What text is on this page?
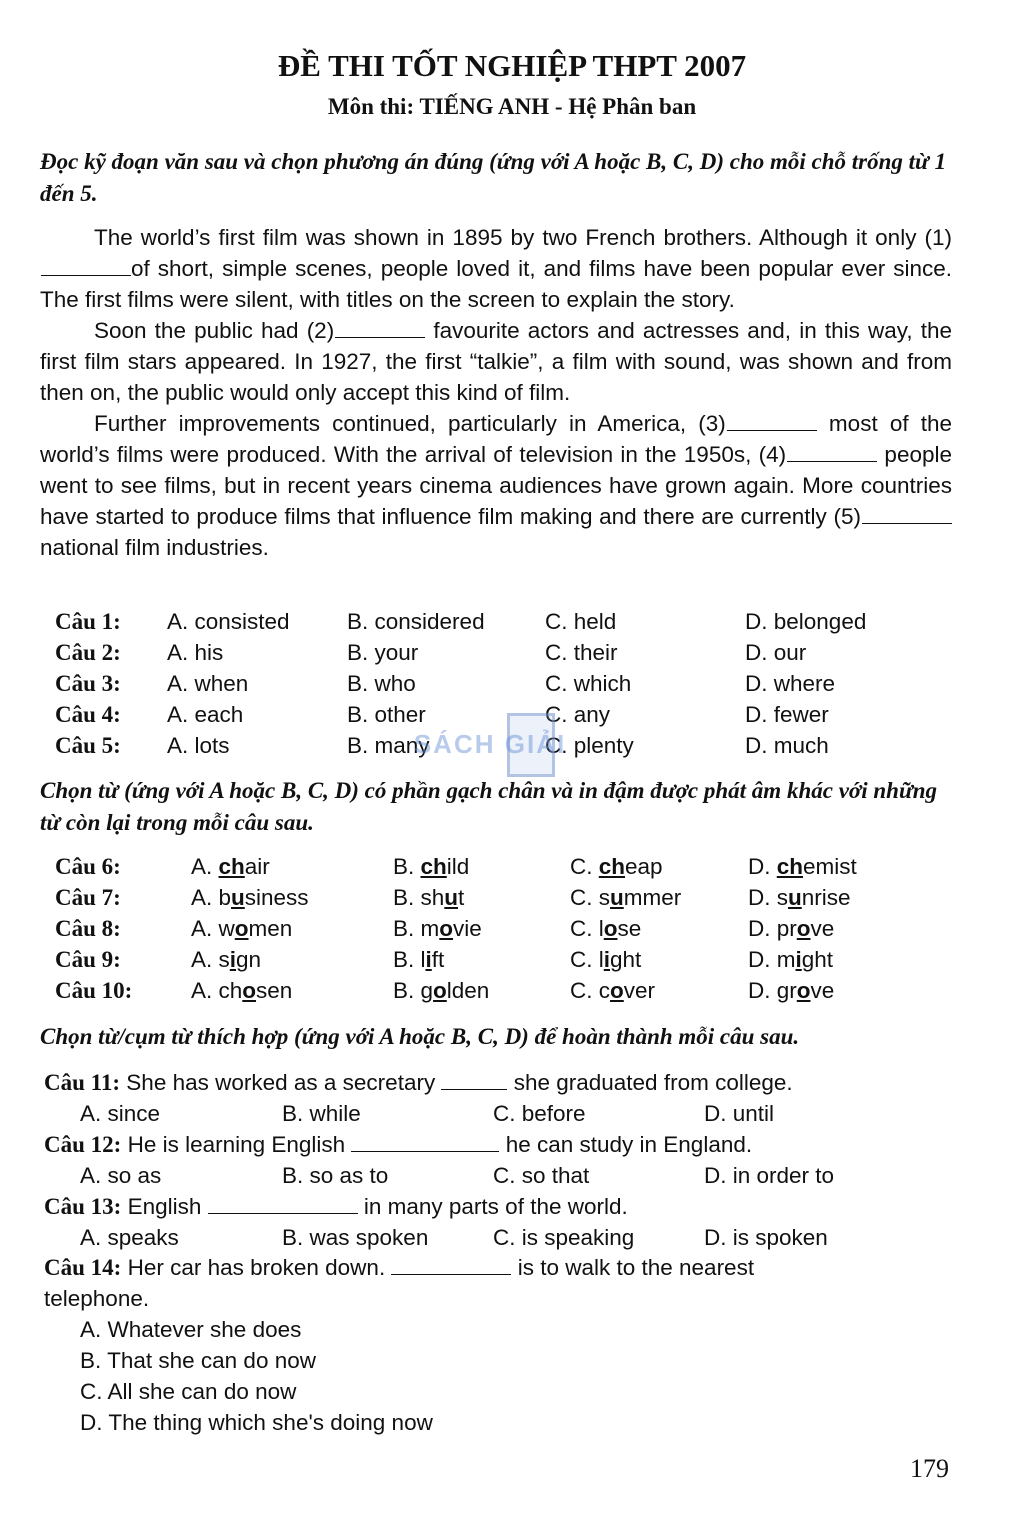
ĐỀ THI TỐT NGHIỆP THPT 2007
Môn thi: TIẾNG ANH - Hệ Phân ban
Đọc kỹ đoạn văn sau và chọn phương án đúng (ứng với A hoặc B, C, D) cho mỗi chỗ trống từ 1 đến 5.

The world’s first film was shown in 1895 by two French brothers. Although it only (1)of short, simple scenes, people loved it, and films have been popular ever since. The first films were silent, with titles on the screen to explain the story.

Soon the public had (2)	favourite actors and actresses and, in this way, the first film stars appeared. In 1927, the first “talkie”, a film with sound, was shown and from then on, the public would only accept this kind of film.

Further improvements continued, particularly in America, (3)	most of the world’s films were produced. With the arrival of television in the 1950s, (4)	people went to see films, but in recent years cinema audiences have grown again. More countries have started to produce films that influence film making and there are currently (5) national film industries.

Câu 1:	A. consisted	B. considered	C. held	D. belonged
Câu 2:	A. his	B. your	C. their	D. our
Câu 3:	A. when	B. who	C. which	D. where
Câu 4:	A. each	B. other	C. any	D. fewer
Câu 5:	A. lots	B. many	C. plenty	D. much
SÁCH GIẢI
Chọn từ (ứng với A hoặc B, C, D) có phần gạch chân và in đậm được phát âm khác với những từ còn lại trong mỗi câu sau.
Câu 6:	A. chair	B. child	C. cheap	D. chemist
Câu 7:	A. business	B. shut	C. summer	D. sunrise
Câu 8:	A. women	B. movie	C. lose	D. prove
Câu 9:	A. sign	B. lift	C. light	D. might
Câu 10:	A. chosen	B. golden	C. cover	D. grove
Chọn từ/cụm từ thích hợp (ứng với A hoặc B, C, D) để hoàn thành mỗi câu sau.
Câu 11: She has worked as a secretary	she graduated from college.
A. since	B. while	C. before	D. until
Câu 12: He is learning English	he can study in England.
A. so as	B. so as to	C. so that	D. in order to
Câu 13: English	in many parts of the world.
A. speaks	B. was spoken	C. is speaking	D. is spoken
Câu 14: Her car has broken down.	is to walk to the nearest
telephone.
A. Whatever she does
B. That she can do now
C. All she can do now
D. The thing which she's doing now
179
